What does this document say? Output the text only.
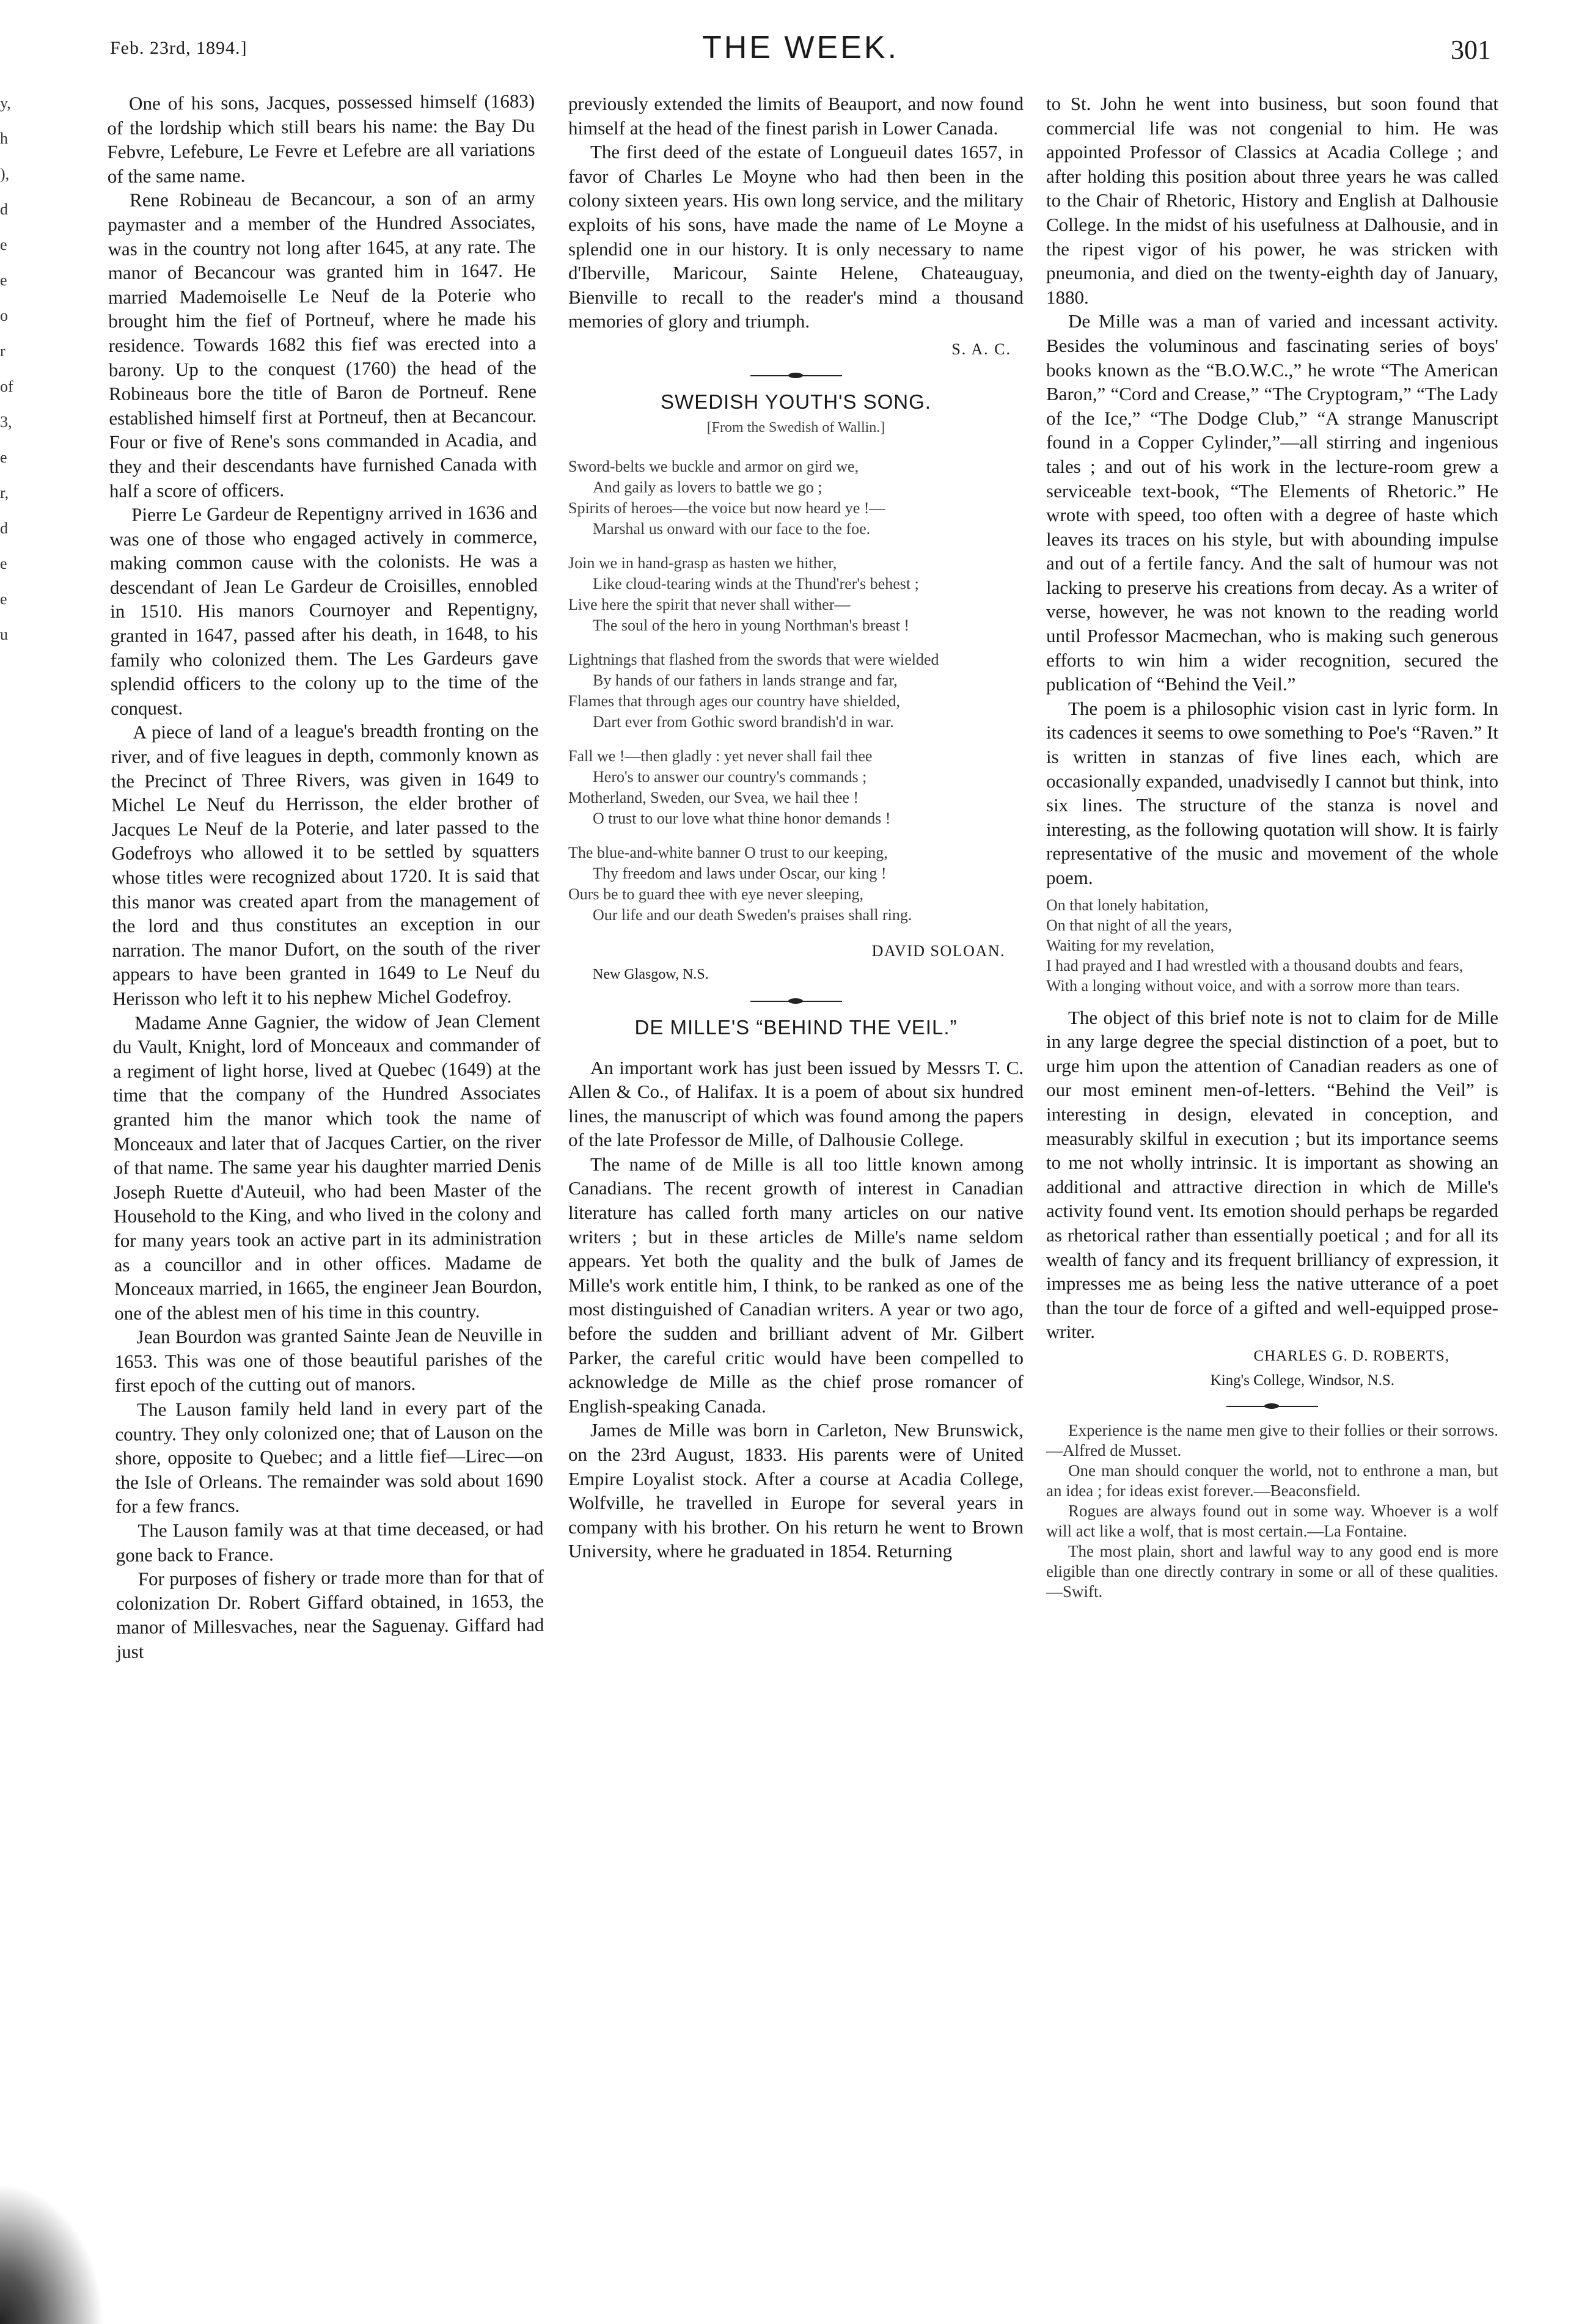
y,
h
),
d
e
e
o
r
of
3,
e
r,
d
e
e
u
Feb. 23rd, 1894.]	THE WEEK.	301

One of his sons, Jacques, possessed himself (1683) of the lordship which still bears his name: the Bay Du Febvre, Lefebure, Le Fevre et Lefebre are all variations of the same name.

Rene Robineau de Becancour, a son of an army paymaster and a member of the Hundred Associates, was in the country not long after 1645, at any rate. The manor of Becancour was granted him in 1647. He married Mademoiselle Le Neuf de la Poterie who brought him the fief of Portneuf, where he made his residence. Towards 1682 this fief was erected into a barony. Up to the conquest (1760) the head of the Robineaus bore the title of Baron de Portneuf. Rene established himself first at Portneuf, then at Becancour. Four or five of Rene's sons commanded in Acadia, and they and their descendants have furnished Canada with half a score of officers.

Pierre Le Gardeur de Repentigny arrived in 1636 and was one of those who engaged actively in commerce, making common cause with the colonists. He was a descendant of Jean Le Gardeur de Croisilles, ennobled in 1510. His manors Cournoyer and Repentigny, granted in 1647, passed after his death, in 1648, to his family who colonized them. The Les Gardeurs gave splendid officers to the colony up to the time of the conquest.

A piece of land of a league's breadth fronting on the river, and of five leagues in depth, commonly known as the Precinct of Three Rivers, was given in 1649 to Michel Le Neuf du Herrisson, the elder brother of Jacques Le Neuf de la Poterie, and later passed to the Godefroys who allowed it to be settled by squatters whose titles were recognized about 1720. It is said that this manor was created apart from the management of the lord and thus constitutes an exception in our narration. The manor Dufort, on the south of the river appears to have been granted in 1649 to Le Neuf du Herisson who left it to his nephew Michel Godefroy.

Madame Anne Gagnier, the widow of Jean Clement du Vault, Knight, lord of Monceaux and commander of a regiment of light horse, lived at Quebec (1649) at the time that the company of the Hundred Associates granted him the manor which took the name of Monceaux and later that of Jacques Cartier, on the river of that name. The same year his daughter married Denis Joseph Ruette d'Auteuil, who had been Master of the Household to the King, and who lived in the colony and for many years took an active part in its administration as a councillor and in other offices. Madame de Monceaux married, in 1665, the engineer Jean Bourdon, one of the ablest men of his time in this country.

Jean Bourdon was granted Sainte Jean de Neuville in 1653. This was one of those beautiful parishes of the first epoch of the cutting out of manors.

The Lauson family held land in every part of the country. They only colonized one; that of Lauson on the shore, opposite to Quebec; and a little fief—Lirec—on the Isle of Orleans. The remainder was sold about 1690 for a few francs.

The Lauson family was at that time deceased, or had gone back to France.

For purposes of fishery or trade more than for that of colonization Dr. Robert Giffard obtained, in 1653, the manor of Millesvaches, near the Saguenay. Giffard had just

previously extended the limits of Beauport, and now found himself at the head of the finest parish in Lower Canada.

The first deed of the estate of Longueuil dates 1657, in favor of Charles Le Moyne who had then been in the colony sixteen years. His own long service, and the military exploits of his sons, have made the name of Le Moyne a splendid one in our history. It is only necessary to name d'Iberville, Maricour, Sainte Helene, Chateauguay, Bienville to recall to the reader's mind a thousand memories of glory and triumph.

S. A. C.
SWEDISH YOUTH'S SONG.
[From the Swedish of Wallin.]
Sword-belts we buckle and armor on gird we,
And gaily as lovers to battle we go ;
Spirits of heroes—the voice but now heard ye !—
Marshal us onward with our face to the foe.
Join we in hand-grasp as hasten we hither,
Like cloud-tearing winds at the Thund'rer's behest ;
Live here the spirit that never shall wither—
The soul of the hero in young Northman's breast !
Lightnings that flashed from the swords that were wielded
By hands of our fathers in lands strange and far,
Flames that through ages our country have shielded,
Dart ever from Gothic sword brandish'd in war.
Fall we !—then gladly : yet never shall fail thee
Hero's to answer our country's commands ;
Motherland, Sweden, our Svea, we hail thee !
O trust to our love what thine honor demands !
The blue-and-white banner O trust to our keeping,
Thy freedom and laws under Oscar, our king !
Ours be to guard thee with eye never sleeping,
Our life and our death Sweden's praises shall ring.
DAVID SOLOAN.
New Glasgow, N.S.
DE MILLE'S “BEHIND THE VEIL.”

An important work has just been issued by Messrs T. C. Allen & Co., of Halifax. It is a poem of about six hundred lines, the manuscript of which was found among the papers of the late Professor de Mille, of Dalhousie College.

The name of de Mille is all too little known among Canadians. The recent growth of interest in Canadian literature has called forth many articles on our native writers ; but in these articles de Mille's name seldom appears. Yet both the quality and the bulk of James de Mille's work entitle him, I think, to be ranked as one of the most distinguished of Canadian writers. A year or two ago, before the sudden and brilliant advent of Mr. Gilbert Parker, the careful critic would have been compelled to acknowledge de Mille as the chief prose romancer of English-speaking Canada.

James de Mille was born in Carleton, New Brunswick, on the 23rd August, 1833. His parents were of United Empire Loyalist stock. After a course at Acadia College, Wolfville, he travelled in Europe for several years in company with his brother. On his return he went to Brown University, where he graduated in 1854. Returning

to St. John he went into business, but soon found that commercial life was not congenial to him. He was appointed Professor of Classics at Acadia College ; and after holding this position about three years he was called to the Chair of Rhetoric, History and English at Dalhousie College. In the midst of his usefulness at Dalhousie, and in the ripest vigor of his power, he was stricken with pneumonia, and died on the twenty-eighth day of January, 1880.

De Mille was a man of varied and incessant activity. Besides the voluminous and fascinating series of boys' books known as the “B.O.W.C.,” he wrote “The American Baron,” “Cord and Crease,” “The Cryptogram,” “The Lady of the Ice,” “The Dodge Club,” “A strange Manuscript found in a Copper Cylinder,”—all stirring and ingenious tales ; and out of his work in the lecture-room grew a serviceable text-book, “The Elements of Rhetoric.” He wrote with speed, too often with a degree of haste which leaves its traces on his style, but with abounding impulse and out of a fertile fancy. And the salt of humour was not lacking to preserve his creations from decay. As a writer of verse, however, he was not known to the reading world until Professor Macmechan, who is making such generous efforts to win him a wider recognition, secured the publication of “Behind the Veil.”

The poem is a philosophic vision cast in lyric form. In its cadences it seems to owe something to Poe's “Raven.” It is written in stanzas of five lines each, which are occasionally expanded, unadvisedly I cannot but think, into six lines. The structure of the stanza is novel and interesting, as the following quotation will show. It is fairly representative of the music and movement of the whole poem.

On that lonely habitation,
On that night of all the years,
Waiting for my revelation,
I had prayed and I had wrestled with a thousand doubts and fears,
With a longing without voice, and with a sorrow more than tears.

The object of this brief note is not to claim for de Mille in any large degree the special distinction of a poet, but to urge him upon the attention of Canadian readers as one of our most eminent men-of-letters. “Behind the Veil” is interesting in design, elevated in conception, and measurably skilful in execution ; but its importance seems to me not wholly intrinsic. It is important as showing an additional and attractive direction in which de Mille's activity found vent. Its emotion should perhaps be regarded as rhetorical rather than essentially poetical ; and for all its wealth of fancy and its frequent brilliancy of expression, it impresses me as being less the native utterance of a poet than the tour de force of a gifted and well-equipped prose-writer.

CHARLES G. D. ROBERTS,
King's College, Windsor, N.S.

Experience is the name men give to their follies or their sorrows.—Alfred de Musset.

One man should conquer the world, not to enthrone a man, but an idea ; for ideas exist forever.—Beaconsfield.

Rogues are always found out in some way. Whoever is a wolf will act like a wolf, that is most certain.—La Fontaine.

The most plain, short and lawful way to any good end is more eligible than one directly contrary in some or all of these qualities.—Swift.
